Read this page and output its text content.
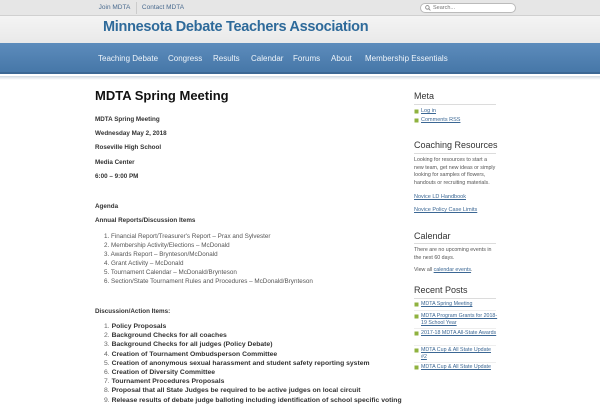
Join MDTA	Contact MDTA
Search...
Minnesota Debate Teachers Association
Teaching Debate Congress Results Calendar Forums About Membership Essentials
MDTA Spring Meeting
MDTA Spring Meeting
Wednesday May 2, 2018
Roseville High School
Media Center
6:00 – 9:00 PM
Agenda
Annual Reports/Discussion Items
Financial Report/Treasurer's Report – Prax and Sylvester
Membership Activity/Elections – McDonald
Awards Report – Brynteson/McDonald
Grant Activity – McDonald
Tournament Calendar – McDonald/Brynteson
Section/State Tournament Rules and Procedures – McDonald/Brynteson
Discussion/Action Items:
Policy Proposals
Background Checks for all coaches
Background Checks for all judges (Policy Debate)
Creation of Tournament Ombudsperson Committee
Creation of anonymous sexual harassment and student safety reporting system
Creation of Diversity Committee
Tournament Procedures Proposals
Proposal that all State Judges be required to be active judges on local circuit
Release results of debate judge balloting including identification of school specific voting
Meta
Log in
Comments RSS
Coaching Resources
Looking for resources to start a new team, get new ideas or simply looking for samples of flowers, handouts or recruiting materials.
Novice LD Handbook
Novice Policy Case Limits
Calendar
There are no upcoming events in the next 60 days.
View all calendar events.
Recent Posts
MDTA Spring Meeting
MDTA Program Grants for 2018-19 School Year
2017-18 MDTA All-State Awards
MDTA Cup & All State Update #2
MDTA Cup & All State Update
